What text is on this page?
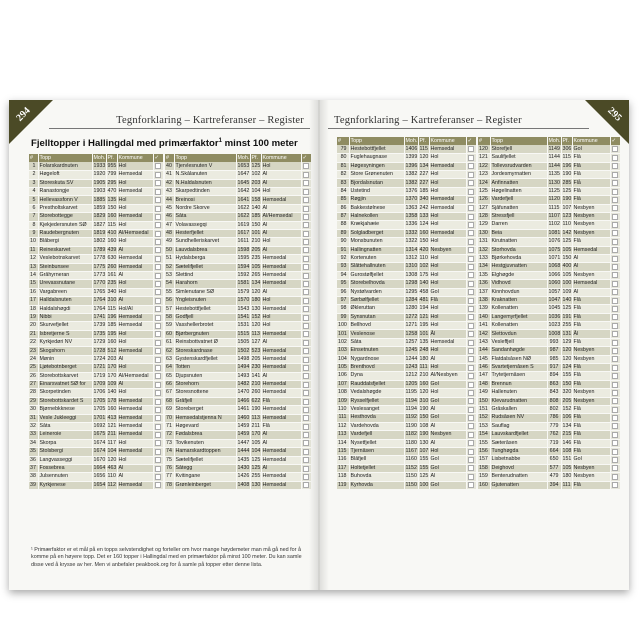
294	Tegnforklaring – Kartreferanser – Register
Fjelltopper i Hallingdal med primærfaktor$^1$ minst 100 meter
#	Topp	Moh.	Pf.	Kommune	✓
1	Folarskardnuten	1933	955	Hol	

2	Høgeloft	1920	799	Hemsedal	

3	Storeskuta SV	1905	295	Hol	

4	Ranastongje	1903	470	Hemsedal	

5	Hellevassfonn V	1885	135	Hol	

6	Prestholtskarvet	1859	150	Hol	

7	Storebottegge	1829	160	Hemsedal	

8	Kjekjedersnuten SØ	1827	115	Hol	

9	Raudebergnuten	1819	410	Ål/Hemsedal	

10	Blåbergi	1802	160	Hol	

11	Reineskarvet	1789	439	Ål	

12	Veslebotnskarvet	1778	630	Hemsedal	

13	Steinbunsee	1775	260	Hemsedal	

14	Gråhyrneran	1773	161	Ål	

15	Urevassnutane	1770	235	Hol	

16	Vargabreen	1765	340	Hol	

17	Halldalsnuten	1764	310	Ål	

18	Haldalshøgdi	1764	115	Hol/Ål	

19	Nibbi	1741	196	Hemsedal	

20	Skurvefjellet	1739	185	Hemsedal	

21	Isbretjerne S	1735	195	Hol	

22	Kyrkjedøri NV	1729	160	Hol	

23	Skogshorn	1728	512	Hemsedal	

24	Mønin	1724	203	Ål	

25	Ljøtebotnberget	1721	170	Hol	

26	Storebottskarvet	1719	170	Ål/Hemsedal	

27	Einarsvatnet SØ for	1709	109	Ål	

28	Skorpetinden	1706	140	Hol	

29	Storebottskardet S	1705	178	Hemsedal	

30	Bjørnebkknese	1705	160	Hemsedal	

31	Vesle Jukleeggi	1701	413	Hemsedal	

32	Såta	1692	121	Hemsedal	

33	Leineroie	1675	211	Hemsedal	

34	Skorpa	1674	117	Hol	

35	Stolsbergi	1674	104	Hemsedal	

36	Langvasseggi	1670	120	Hol	

37	Fossebrea	1664	463	Ål	

38	Julsennuten	1656	110	Ål	

39	Kyrkjenese	1654	112	Hemsedal	
#	Topp	Moh.	Pf.	Kommune	✓
40	Tjervlesnuten V	1653	125	Hol	

41	N.Skålanuten	1647	102	Ål	

42	N.Haldalsnuten	1645	203	Ål	

43	Skarpedtinden	1642	104	Hol	

44	Breinosi	1641	158	Hemsedal	

45	Nordre Skorve	1622	140	Ål	

46	Såta	1622	185	Ål/Hemsedal	

47	Volavassegqi	1619	150	Ål	

48	Hesterfjellet	1617	101	Ål	

49	Sundhelleriskarvet	1611	210	Hol	

50	Lauvdalsbrea	1598	205	Ål	

51	Hydalsberga	1595	235	Hemsedal	

52	Sætelifjellet	1594	105	Hemsedal	

53	Slettind	1592	265	Hemsedal	

54	Harahorn	1581	134	Hemsedal	

55	Simlenutane SØ	1579	120	Ål	

56	Yngleisnuten	1570	180	Hol	

57	Hestebottfjellet	1543	130	Hemsedal	

58	Godfjell	1541	152	Hol	

59	Vasshellerbrotet	1531	120	Hol	

60	Bjørbergnuten	1515	113	Hemsedal	

61	Reinsbottvatnet Ø	1505	127	Ål	

62	Storeskardnase	1502	523	Hemsedal	

63	Gystenskardfjellet	1498	205	Hemsedal	

64	Totten	1494	230	Hemsedal	

65	Djupsnuten	1493	141	Ål	

66	Storehorn	1482	210	Hemsedal	

67	Storesnottene	1470	260	Hemsedal	

68	Gråfjell	1466	622	Flå	

69	Storeberget	1461	190	Hemsedal	

70	Hemsedalstjenna N	1460	113	Hemsedal	

71	Høgevard	1459	211	Flå	

72	Fødalsbrea	1459	170	Ål	

73	Tovikenuten	1447	105	Ål	

74	Hamarskardtoppen	1444	104	Hemsedal	

75	Sætelifjellet	1435	125	Hemsedal	

76	Såtegg	1430	125	Ål	

77	Kvitingane	1426	255	Hemsedal	

78	Grønleinberget	1408	130	Hemsedal	
¹ Primærfaktor er et mål på en topps selvstendighet og forteller om hvor mange høydemeter man må gå ned for å komme på en høyere topp. Det er 160 topper i Hallingdal med en primærfaktor på minst 100 meter. Du kan samle disse ved å krysse av her. Men vi anbefaler peakbook.org for å samle på topper etter denne lista.
295
Tegnforklaring – Kartreferanser – Register
#	Topp	Moh.	Pf.	Kommune	✓
79	Hestebottfjellet	1406	115	Hemsedal	

80	Fuglehaugnase	1399	120	Hol	

81	Høgesyningen	1396	134	Hemsedal	

82	Store Grønenuten	1382	227	Hol	

83	Bjordalsnutan	1382	227	Hol	

84	Ustetind	1376	185	Hol	

85	Røgjin	1370	340	Hemsedal	

86	Bakkestølnese	1363	242	Hemsedal	

87	Halnekollen	1358	133	Hol	

88	Krækjahæie	1336	124	Hol	

89	Solgladberget	1332	160	Hemsedal	

90	Monsbunuten	1322	150	Hol	

91	Hallingnatten	1314	420	Nesbyen	

92	Kortenuten	1312	110	Hol	

93	Slåttehallnuten	1310	102	Hol	

94	Gurostølfjellet	1308	175	Hol	

95	Storebelhovda	1298	140	Hol	

96	Nystølvarden	1295	458	Gol	

97	Sørbølfjellet	1284	481	Flå	

98	Økleruttan	1280	194	Hol	

99	Synsnutan	1272	121	Hol	

100	Bellhovd	1271	195	Hol	

101	Veslenose	1258	101	Ål	

102	Såta	1257	135	Hemsedal	

103	Einsetnuten	1245	248	Hol	

104	Nygardnose	1244	180	Ål	

105	Brenthovd	1243	111	Hol	

106	Dyna	1212	210	Ål/Nesbyen	

107	Rauddalsfjellet	1205	160	Gol	

108	Vedalshøgde	1195	120	Hol	

109	Rysselfjellet	1194	310	Gol	

110	Veslesanget	1194	190	Ål	

111	Hesthovda	1192	150	Gol	

112	Vardehovda	1190	108	Ål	

113	Vardefjell	1182	190	Nesbyen	

114	Nysetfjellet	1180	130	Ål	

115	Tjernåsen	1167	107	Hol	

116	Blåfjell	1160	155	Gol	

117	Holtetjellet	1152	155	Gol	

118	Buhovda	1150	125	Ål	

119	Kyrhovda	1150	100	Gol	
#	Topp	Moh.	Pf.	Kommune	✓
120	Storefjell	1149	306	Gol	

121	Saulifjellet	1144	115	Flå	

122	Tollevsrudvarden	1144	196	Flå	

123	Jordesmyrnatten	1135	190	Flå	

124	Anfinnatten	1130	285	Flå	

125	Høgelinatten	1125	125	Flå	

126	Vardefjell	1120	190	Flå	

127	Sjåfunatten	1115	107	Nesbyen	

128	Stressfjell	1107	123	Nesbyen	

129	Darren	1102	110	Nesbyen	

130	Beia	1081	142	Nesbyen	

131	Kirutnatten	1076	125	Flå	

132	Storhovda	1075	105	Hemsedal	

133	Bjørkehovda	1071	150	Ål	

134	Hestgjuvnatten	1068	400	Ål	

135	Elghøgde	1066	105	Nesbyen	

136	Vidhovd	1060	100	Hemsedal	

137	Kinnhovdun	1057	109	Ål	

138	Kraknatten	1047	140	Flå	

139	Kollenatten	1045	125	Flå	

140	Langemyrfjellet	1036	191	Flå	

141	Kollenatten	1023	255	Flå	

142	Slettovdun	1008	131	Ål	

143	Vesleffjell	993	129	Flå	

144	Sandanhøgde	987	120	Nesbyen	

145	Flatdalsåsen NØ	985	120	Nesbyen	

146	Svartetjernåsen S	917	124	Flå	

147	Trytetjernåsen	894	155	Flå	

148	Brennun	863	150	Flå	

149	Hallenuten	843	320	Nesbyen	

150	Klevarudnatten	808	205	Nesbyen	

151	Gråskallen	802	152	Flå	

152	Rudsåsen NV	786	106	Flå	

153	Sauflag	779	134	Flå	

154	Lauvskardfjellet	762	215	Flå	

155	Sæteråsen	719	146	Flå	

156	Tunghøgda	664	108	Flå	

157	Lisbetnabbe	650	151	Gol	

158	Deighovd	577	105	Nesbyen	

159	Benterudnatten	479	180	Nesbyen	

160	Gjutenatten	394	111	Flå	
